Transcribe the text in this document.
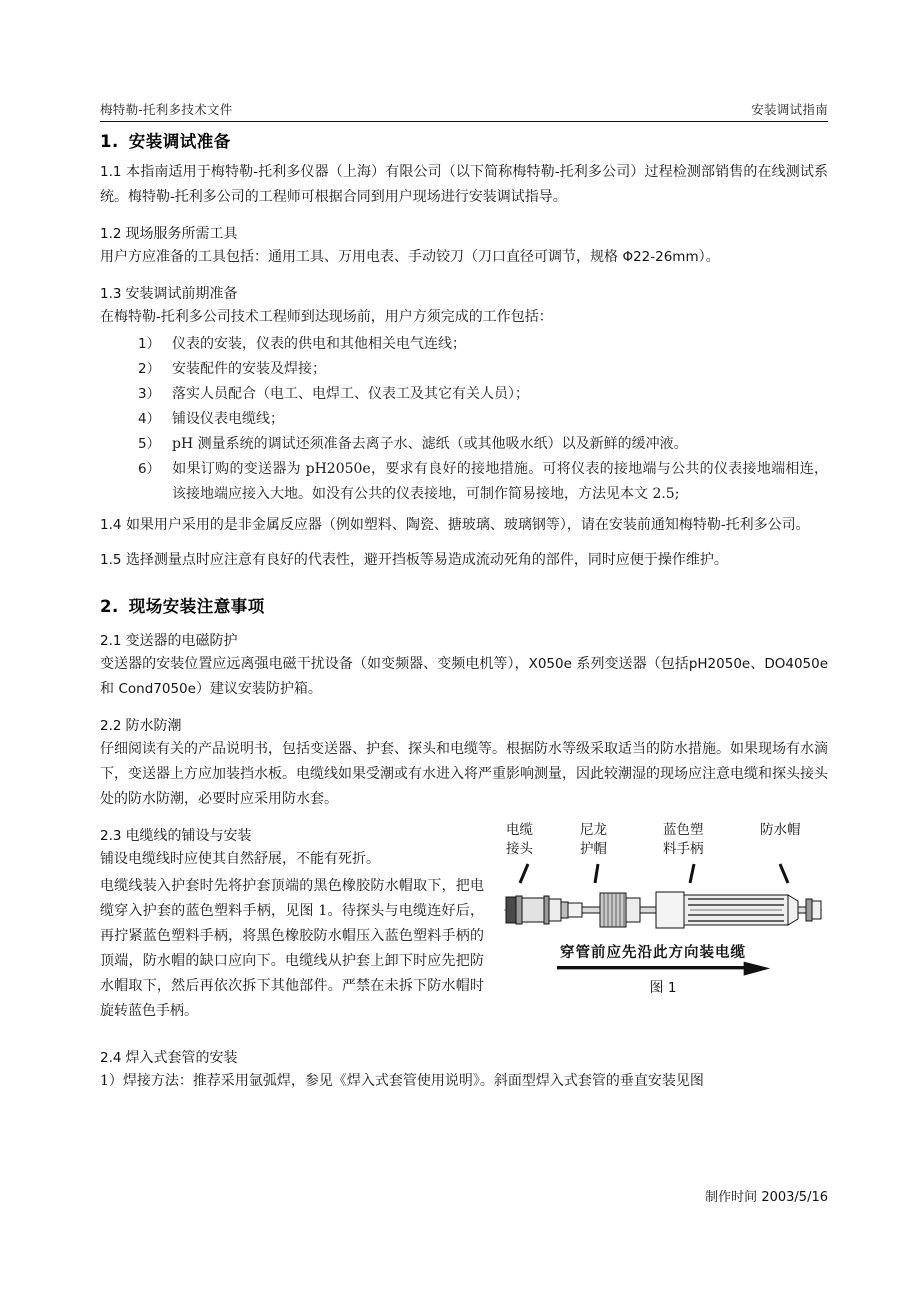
梅特勒-托利多技术文件	安装调试指南
1. 安装调试准备

1.1 本指南适用于梅特勒-托利多仪器（上海）有限公司（以下简称梅特勒-托利多公司）过程检测部销售的在线测试系统。梅特勒-托利多公司的工程师可根据合同到用户现场进行安装调试指导。

1.2 现场服务所需工具

用户方应准备的工具包括：通用工具、万用电表、手动铰刀（刀口直径可调节，规格 Φ22-26mm）。

1.3 安装调试前期准备

在梅特勒-托利多公司技术工程师到达现场前，用户方须完成的工作包括：

1） 仪表的安装，仪表的供电和其他相关电气连线；
2） 安装配件的安装及焊接；
3） 落实人员配合（电工、电焊工、仪表工及其它有关人员）；
4） 铺设仪表电缆线；
5） pH 测量系统的调试还须准备去离子水、滤纸（或其他吸水纸）以及新鲜的缓冲液。
6） 如果订购的变送器为 pH2050e，要求有良好的接地措施。可将仪表的接地端与公共的仪表接地端相连，该接地端应接入大地。如没有公共的仪表接地，可制作简易接地，方法见本文 2.5;

1.4 如果用户采用的是非金属反应器（例如塑料、陶瓷、搪玻璃、玻璃钢等），请在安装前通知梅特勒-托利多公司。

1.5 选择测量点时应注意有良好的代表性，避开挡板等易造成流动死角的部件，同时应便于操作维护。

2. 现场安装注意事项
2.1 变送器的电磁防护

变送器的安装位置应远离强电磁干扰设备（如变频器、变频电机等），X050e 系列变送器（包括pH2050e、DO4050e 和 Cond7050e）建议安装防护箱。

2.2 防水防潮

仔细阅读有关的产品说明书，包括变送器、护套、探头和电缆等。根据防水等级采取适当的防水措施。如果现场有水滴下，变送器上方应加装挡水板。电缆线如果受潮或有水进入将严重影响测量，因此较潮湿的现场应注意电缆和探头接头处的防水防潮，必要时应采用防水套。

电缆
接头
尼龙
护帽
蓝色塑
料手柄
防水帽
穿管前应先沿此方向装电缆
图 1
2.3 电缆线的铺设与安装

铺设电缆线时应使其自然舒展，不能有死折。

电缆线装入护套时先将护套顶端的黑色橡胶防水帽取下，把电缆穿入护套的蓝色塑料手柄，见图 1。待探头与电缆连好后，再拧紧蓝色塑料手柄，将黑色橡胶防水帽压入蓝色塑料手柄的顶端，防水帽的缺口应向下。电缆线从护套上卸下时应先把防水帽取下，然后再依次拆下其他部件。严禁在未拆下防水帽时旋转蓝色手柄。

2.4 焊入式套管的安装

1）焊接方法：推荐采用氩弧焊，参见《焊入式套管使用说明》。斜面型焊入式套管的垂直安装见图

制作时间 2003/5/16
